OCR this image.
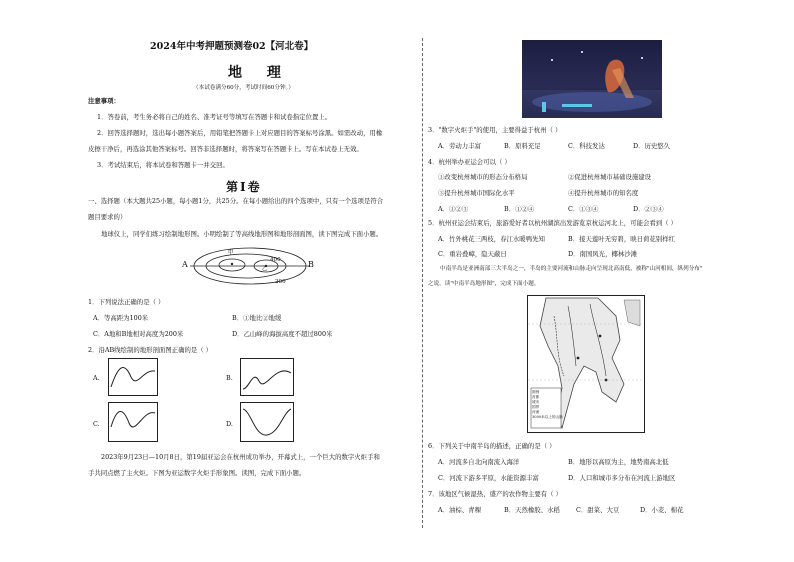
2024年中考押题预测卷02【河北卷】
地 理
（本试卷满分60分，考试时间60分钟。）
注意事项：
1．答卷前，考生务必将自己的姓名、准考证号等填写在答题卡和试卷指定位置上。
2．回答选择题时，选出每小题答案后，用铅笔把答题卡上对应题目的答案标号涂黑。如需改动，用橡
皮擦干净后，再选涂其他答案标号。回答非选择题时，将答案写在答题卡上。写在本试卷上无效。
3．考试结束后，将本试卷和答题卡一并交回。
第Ⅰ卷
一、选择题（本大题共25小题，每小题1分，共25分。在每小题给出的四个选项中，只有一个选项是符合
题目要求的）
地球仪上，同学们练习绘制地形图。小明绘制了等高线地形图和地形剖面图，读下图完成下面小题。
A	B
400
200
甲
乙
1．下列说法正确的是（ ）
A．等高距为100米	B．①地比②地缓
C．A地和B地相对高度为200米	D．乙山峰的海拔高度不超过800米
2．沿AB线绘制的地形剖面图正确的是（ ）
A.	B.
C.	D.
2023年9月23日—10月8日，第19届亚运会在杭州成功举办，开幕式上，一个巨大的数字火炬手和
手共同点燃了主火炬。下图为亚运数字火炬手形象图。读图，完成下面小题。
3．"数字火炬手"的使用，主要得益于杭州（ ）
A．劳动力丰富	B．原料充足	C．科技发达	D．历史悠久
4．杭州举办亚运会可以（ ）
①改变杭州城市的形态分布格局	②促进杭州城市基础设施建设
③提升杭州城市国际化水平	④提升杭州城市的知名度
A．①②③	B．①②④	C．①③④	D．②③④
5．杭州亚运会结束后，旅游爱好者以杭州湖滨出发游览京杭运河北上，可能会看到（ ）
A．竹外桃花三两枝，春江水暖鸭先知	B．接天莲叶无穷碧，映日荷花别样红
C．重岩叠嶂，隐天蔽日	D．南国风光，椰林沙滩
中南半岛是亚洲南部三大半岛之一，半岛的主要河流和山脉走向呈现北高南低，被称"山河相间，纵列分布"
之说。读"中南半岛地形图"，完成下面小题。
图例
首都
城市
国界
河流
3000米以上的山脉
6．下列关于中南半岛的描述，正确的是（ ）
A．河流多自北向南流入海洋	B．地形以高原为主，地势南高北低
C．河流下游多平原，水能资源丰富	D．人口和城市多分布在河流上游地区
7．该地区气候湿热，盛产的农作物主要有（ ）
A．油棕、青稞	B．天然橡胶、水稻	C．甜菜、大豆	D．小麦、棉花
